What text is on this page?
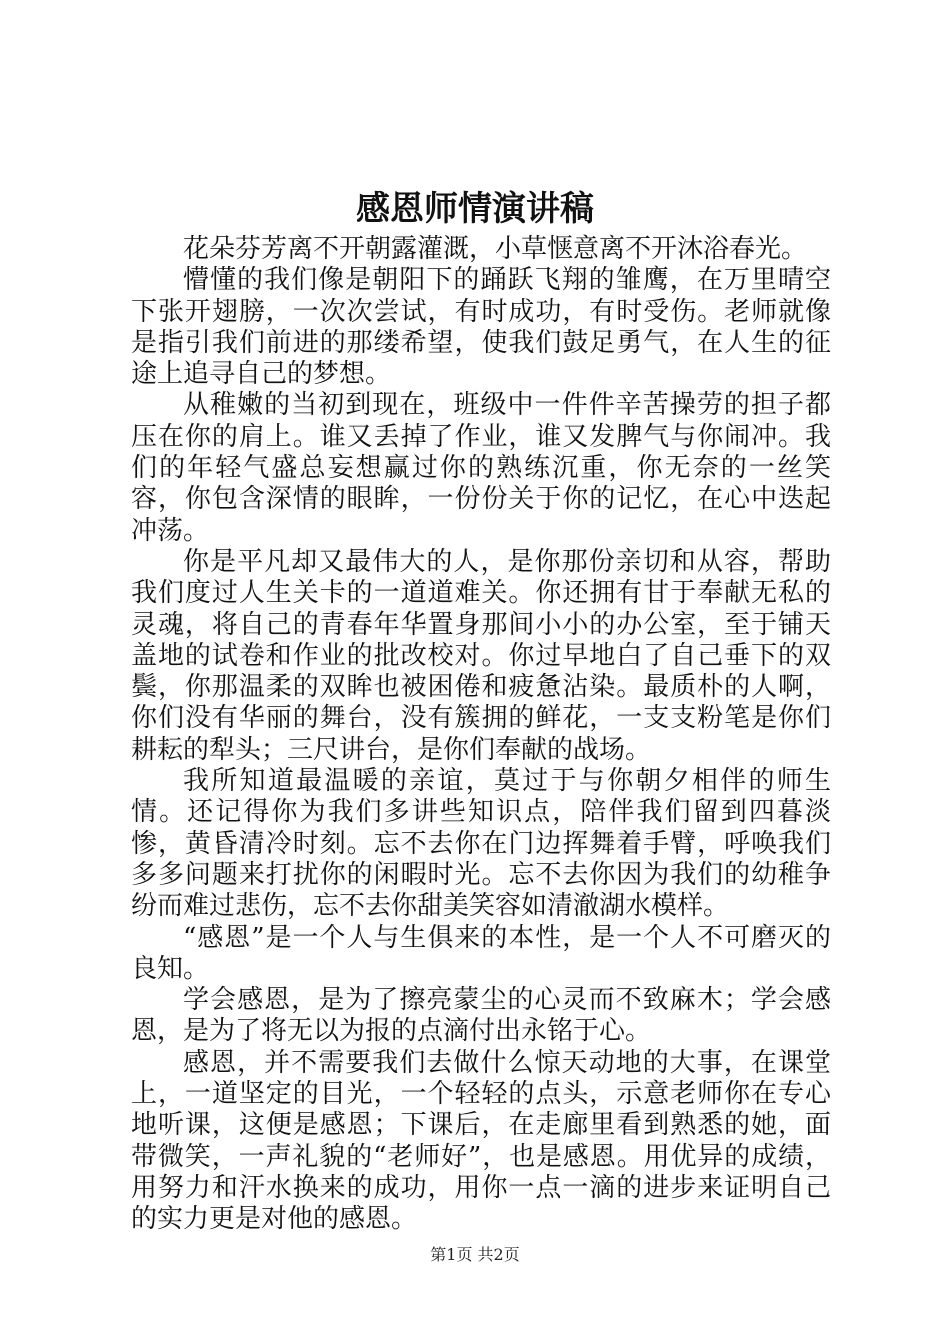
感恩师情演讲稿

花朵芬芳离不开朝露灌溉，小草惬意离不开沐浴春光。

懵懂的我们像是朝阳下的踊跃飞翔的雏鹰，在万里晴空下张开翅膀，一次次尝试，有时成功，有时受伤。老师就像是指引我们前进的那缕希望，使我们鼓足勇气，在人生的征途上追寻自己的梦想。

从稚嫩的当初到现在，班级中一件件辛苦操劳的担子都压在你的肩上。谁又丢掉了作业，谁又发脾气与你闹冲。我们的年轻气盛总妄想赢过你的熟练沉重，你无奈的一丝笑容，你包含深情的眼眸，一份份关于你的记忆，在心中迭起冲荡。

你是平凡却又最伟大的人，是你那份亲切和从容，帮助我们度过人生关卡的一道道难关。你还拥有甘于奉献无私的灵魂，将自己的青春年华置身那间小小的办公室，至于铺天盖地的试卷和作业的批改校对。你过早地白了自己垂下的双鬓，你那温柔的双眸也被困倦和疲惫沾染。最质朴的人啊，你们没有华丽的舞台，没有簇拥的鲜花，一支支粉笔是你们耕耘的犁头；三尺讲台，是你们奉献的战场。

我所知道最温暖的亲谊，莫过于与你朝夕相伴的师生情。还记得你为我们多讲些知识点，陪伴我们留到四暮淡惨，黄昏清冷时刻。忘不去你在门边挥舞着手臂，呼唤我们多多问题来打扰你的闲暇时光。忘不去你因为我们的幼稚争纷而难过悲伤，忘不去你甜美笑容如清澈湖水模样。

“感恩”是一个人与生俱来的本性，是一个人不可磨灭的良知。

学会感恩，是为了擦亮蒙尘的心灵而不致麻木；学会感恩，是为了将无以为报的点滴付出永铭于心。

感恩，并不需要我们去做什么惊天动地的大事，在课堂上，一道坚定的目光，一个轻轻的点头，示意老师你在专心地听课，这便是感恩；下课后，在走廊里看到熟悉的她，面带微笑，一声礼貌的“老师好”，也是感恩。用优异的成绩，用努力和汗水换来的成功，用你一点一滴的进步来证明自己的实力更是对他的感恩。

第1页 共2页
